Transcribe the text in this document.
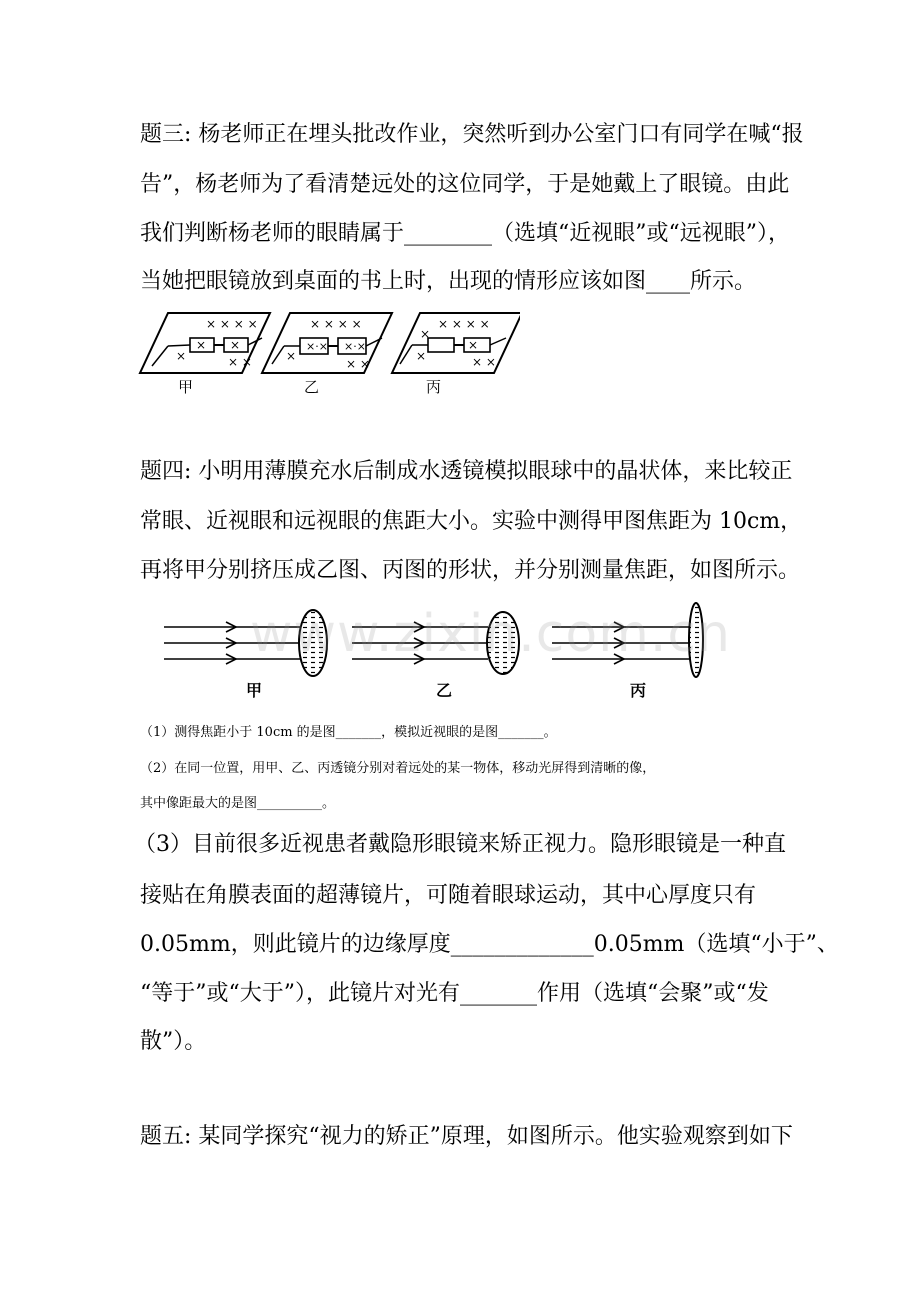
题三: 杨老师正在埋头批改作业，突然听到办公室门口有同学在喊“报
告”，杨老师为了看清楚远处的这位同学，于是她戴上了眼镜。由此
我们判断杨老师的眼睛属于________（选填“近视眼”或“远视眼”），
当她把眼镜放到桌面的书上时，出现的情形应该如图____所示。
× × × ×
× ×
×	× ×
× × × ×
×·× ×·×
×
× ×
× × × ×
×
×
×	× ×
甲	乙	丙
题四: 小明用薄膜充水后制成水透镜模拟眼球中的晶状体，来比较正
常眼、近视眼和远视眼的焦距大小。实验中测得甲图焦距为 10cm，
再将甲分别挤压成乙图、丙图的形状，并分别测量焦距，如图所示。
甲	乙	丙
www.zixin.com.cn
（1）测得焦距小于 10cm 的是图_______，模拟近视眼的是图_______。
（2）在同一位置，用甲、乙、丙透镜分别对着远处的某一物体，移动光屏得到清晰的像，
其中像距最大的是图__________。
（3）目前很多近视患者戴隐形眼镜来矫正视力。隐形眼镜是一种直
接贴在角膜表面的超薄镜片，可随着眼球运动，其中心厚度只有
0.05mm，则此镜片的边缘厚度_____________0.05mm（选填“小于”、
“等于”或“大于”），此镜片对光有_______作用（选填“会聚”或“发
散”）。
题五: 某同学探究“视力的矫正”原理，如图所示。他实验观察到如下
